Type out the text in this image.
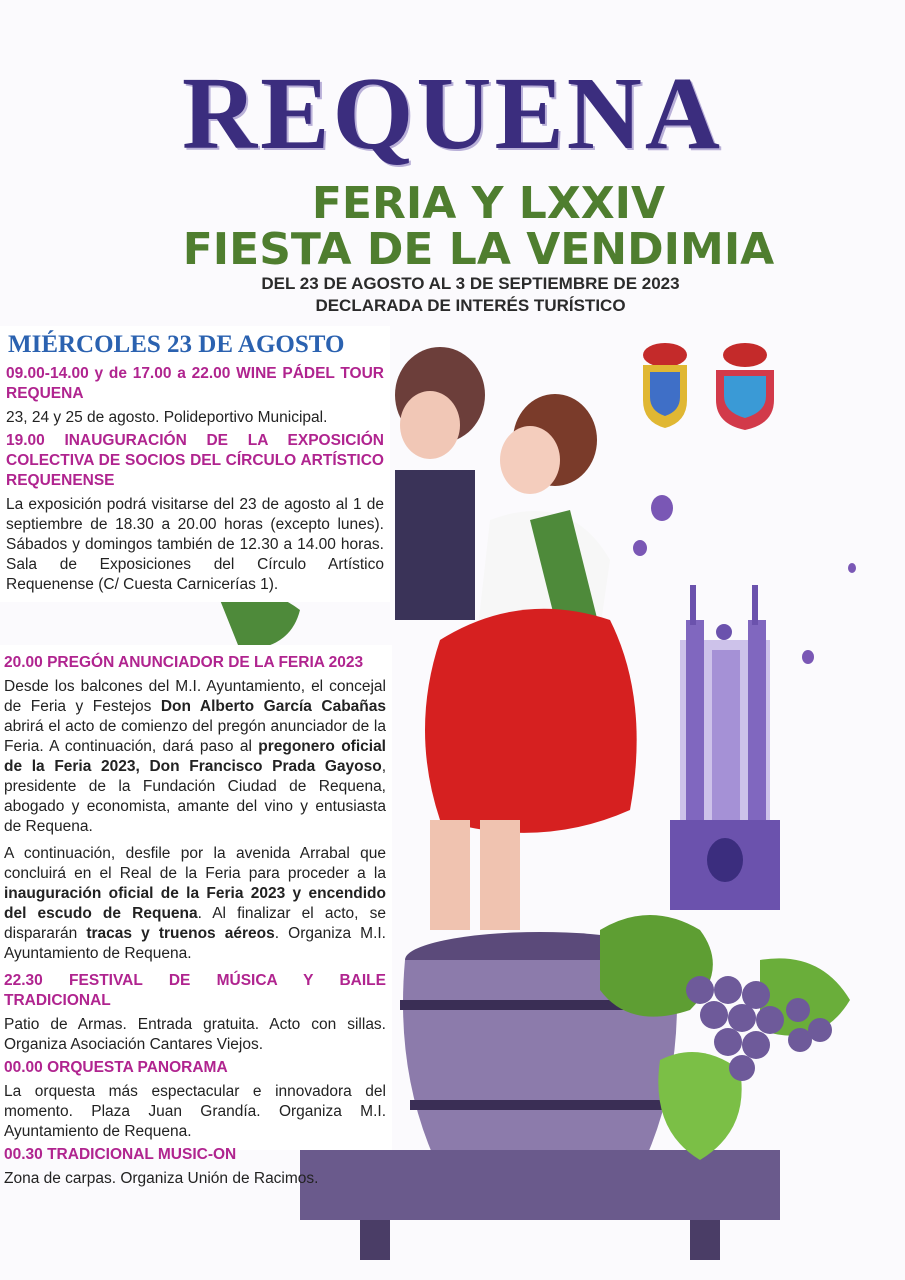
REQUENA
FERIA Y LXXIV
FIESTA DE LA VENDIMIA
DEL 23 DE AGOSTO AL 3 DE SEPTIEMBRE DE 2023
DECLARADA DE INTERÉS TURÍSTICO
MIÉRCOLES 23 DE AGOSTO

09.00-14.00 y de 17.00 a 22.00 WINE PÁDEL TOUR REQUENA

23, 24 y 25 de agosto. Polideportivo Municipal.

19.00 INAUGURACIÓN DE LA EXPOSICIÓN COLECTIVA DE SOCIOS DEL CÍRCULO ARTÍSTICO REQUENENSE

La exposición podrá visitarse del 23 de agosto al 1 de septiembre de 18.30 a 20.00 horas (excepto lunes). Sábados y domingos también de 12.30 a 14.00 horas. Sala de Exposiciones del Círculo Artístico Requenense (C/ Cuesta Carnicerías 1).

20.00 PREGÓN ANUNCIADOR DE LA FERIA 2023

Desde los balcones del M.I. Ayuntamiento, el concejal de Feria y Festejos Don Alberto García Cabañas abrirá el acto de comienzo del pregón anunciador de la Feria. A continuación, dará paso al pregonero oficial de la Feria 2023, Don Francisco Prada Gayoso, presidente de la Fundación Ciudad de Requena, abogado y economista, amante del vino y entusiasta de Requena.

A continuación, desfile por la avenida Arrabal que concluirá en el Real de la Feria para proceder a la inauguración oficial de la Feria 2023 y encendido del escudo de Requena. Al finalizar el acto, se dispararán tracas y truenos aéreos. Organiza M.I. Ayuntamiento de Requena.

22.30 FESTIVAL DE MÚSICA Y BAILE TRADICIONAL

Patio de Armas. Entrada gratuita. Acto con sillas. Organiza Asociación Cantares Viejos.

00.00 ORQUESTA PANORAMA

La orquesta más espectacular e innovadora del momento. Plaza Juan Grandía. Organiza M.I. Ayuntamiento de Requena.

00.30 TRADICIONAL MUSIC-ON

Zona de carpas. Organiza Unión de Racimos.
